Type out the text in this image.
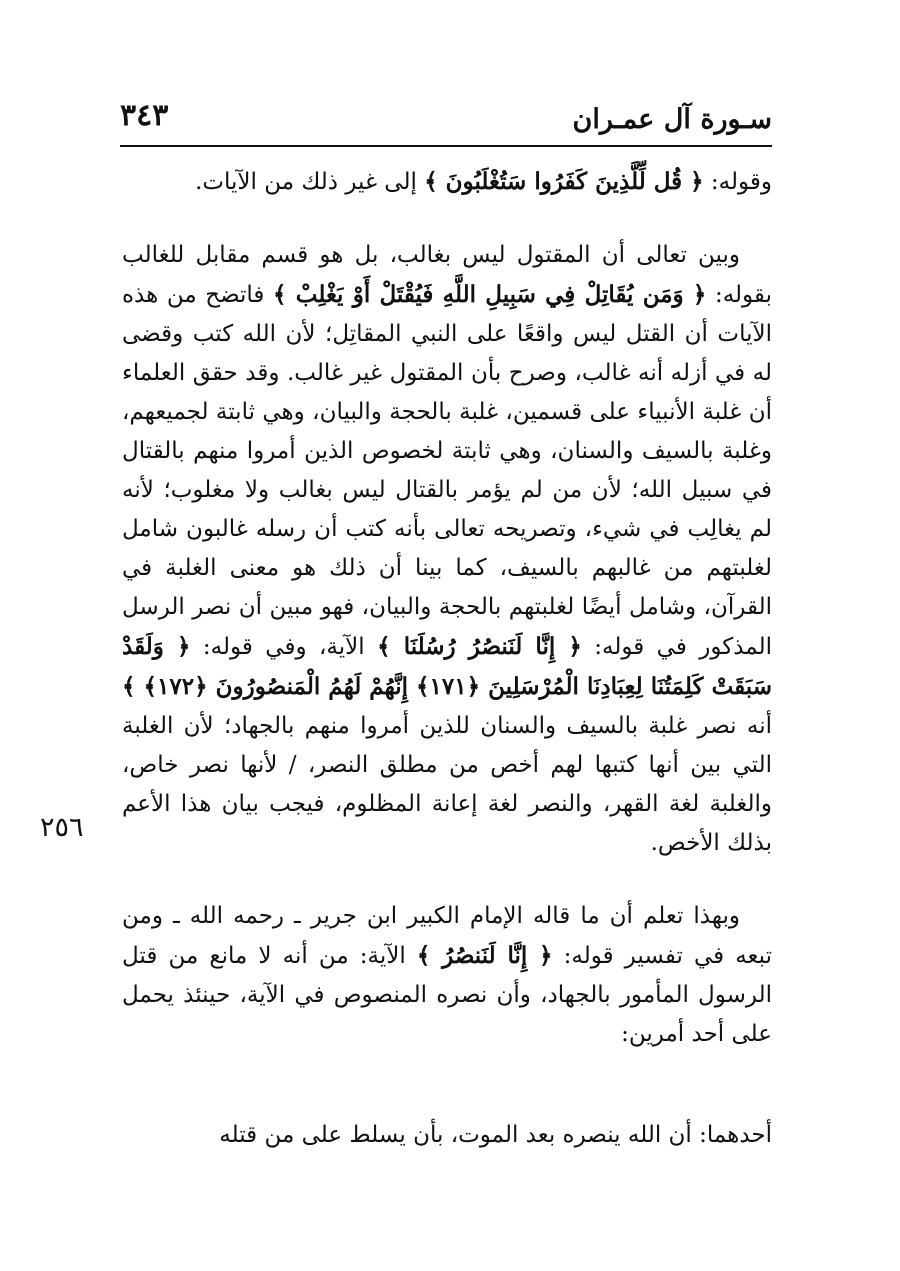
سـورة آل عمـران
٣٤٣
٢٥٦

وقوله: ﴿ قُل لِّلَّذِينَ كَفَرُوا سَتُغْلَبُونَ ﴾ إلى غير ذلك من الآيات.

وبين تعالى أن المقتول ليس بغالب، بل هو قسم مقابل للغالب بقوله: ﴿ وَمَن يُقَاتِلْ فِي سَبِيلِ اللَّهِ فَيُقْتَلْ أَوْ يَغْلِبْ ﴾ فاتضح من هذه الآيات أن القتل ليس واقعًا على النبي المقاتِل؛ لأن الله كتب وقضى له في أزله أنه غالب، وصرح بأن المقتول غير غالب. وقد حقق العلماء أن غلبة الأنبياء على قسمين، غلبة بالحجة والبيان، وهي ثابتة لجميعهم، وغلبة بالسيف والسنان، وهي ثابتة لخصوص الذين أمروا منهم بالقتال في سبيل الله؛ لأن من لم يؤمر بالقتال ليس بغالب ولا مغلوب؛ لأنه لم يغالِب في شيء، وتصريحه تعالى بأنه كتب أن رسله غالبون شامل لغلبتهم من غالبهم بالسيف، كما بينا أن ذلك هو معنى الغلبة في القرآن، وشامل أيضًا لغلبتهم بالحجة والبيان، فهو مبين أن نصر الرسل المذكور في قوله: ﴿ إِنَّا لَنَنصُرُ رُسُلَنَا ﴾ الآية، وفي قوله: ﴿ وَلَقَدْ سَبَقَتْ كَلِمَتُنَا لِعِبَادِنَا الْمُرْسَلِينَ ﴿١٧١﴾ إِنَّهُمْ لَهُمُ الْمَنصُورُونَ ﴿١٧٢﴾ ﴾ أنه نصر غلبة بالسيف والسنان للذين أمروا منهم بالجهاد؛ لأن الغلبة التي بين أنها كتبها لهم أخص من مطلق النصر، / لأنها نصر خاص، والغلبة لغة القهر، والنصر لغة إعانة المظلوم، فيجب بيان هذا الأعم بذلك الأخص.

وبهذا تعلم أن ما قاله الإمام الكبير ابن جرير ـ رحمه الله ـ ومن تبعه في تفسير قوله: ﴿ إِنَّا لَنَنصُرُ ﴾ الآية: من أنه لا مانع من قتل الرسول المأمور بالجهاد، وأن نصره المنصوص في الآية، حينئذ يحمل على أحد أمرين:

أحدهما: أن الله ينصره بعد الموت، بأن يسلط على من قتله
